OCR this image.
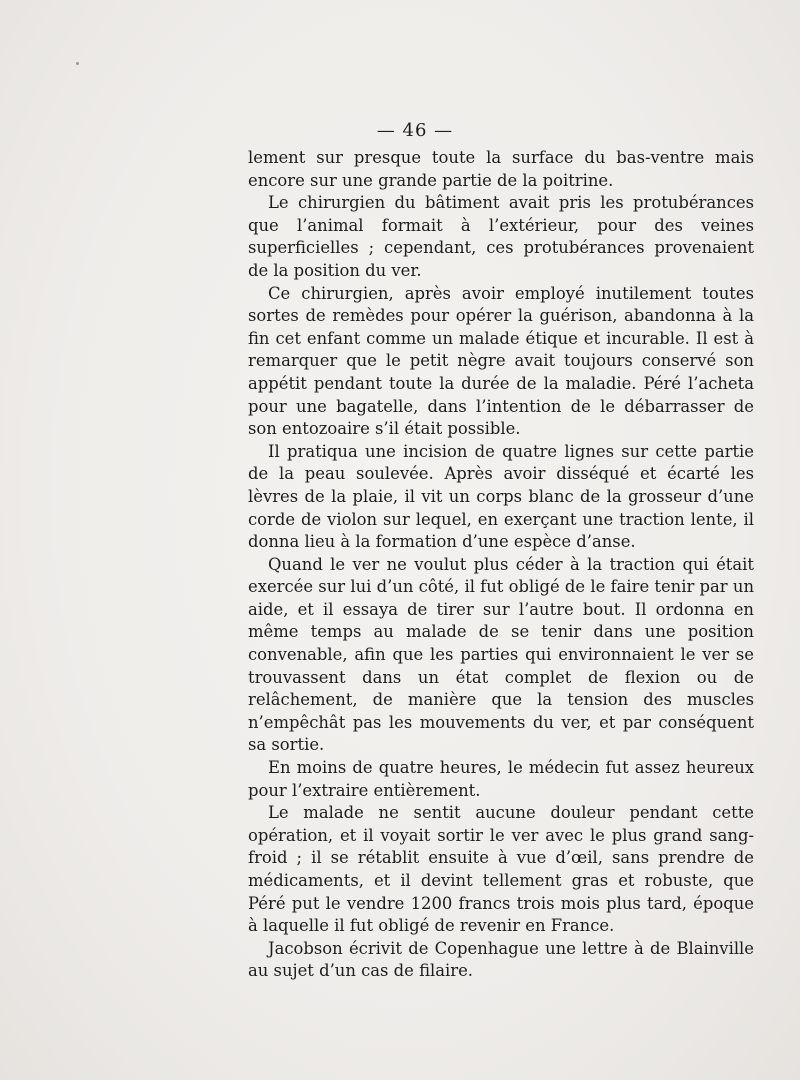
— 46 —

lement sur presque toute la surface du bas-ventre mais encore sur une grande partie de la poitrine.

Le chirurgien du bâtiment avait pris les protubérances que l’animal formait à l’extérieur, pour des veines superficielles ; cependant, ces protubérances provenaient de la position du ver.

Ce chirurgien, après avoir employé inutilement toutes sortes de remèdes pour opérer la guérison, abandonna à la fin cet enfant comme un malade étique et incurable. Il est à remarquer que le petit nègre avait toujours conservé son appétit pendant toute la durée de la maladie. Péré l’acheta pour une bagatelle, dans l’intention de le débarrasser de son entozoaire s’il était possible.

Il pratiqua une incision de quatre lignes sur cette partie de la peau soulevée. Après avoir disséqué et écarté les lèvres de la plaie, il vit un corps blanc de la grosseur d’une corde de violon sur lequel, en exerçant une traction lente, il donna lieu à la formation d’une espèce d’anse.

Quand le ver ne voulut plus céder à la traction qui était exercée sur lui d’un côté, il fut obligé de le faire tenir par un aide, et il essaya de tirer sur l’autre bout. Il ordonna en même temps au malade de se tenir dans une position convenable, afin que les parties qui environnaient le ver se trouvassent dans un état complet de flexion ou de relâchement, de manière que la tension des muscles n’empêchât pas les mouvements du ver, et par conséquent sa sortie.

En moins de quatre heures, le médecin fut assez heureux pour l’extraire entièrement.

Le malade ne sentit aucune douleur pendant cette opération, et il voyait sortir le ver avec le plus grand sang-froid ; il se rétablit ensuite à vue d’œil, sans prendre de médicaments, et il devint tellement gras et robuste, que Péré put le vendre 1200 francs trois mois plus tard, époque à laquelle il fut obligé de revenir en France.

Jacobson écrivit de Copenhague une lettre à de Blainville au sujet d’un cas de filaire.
